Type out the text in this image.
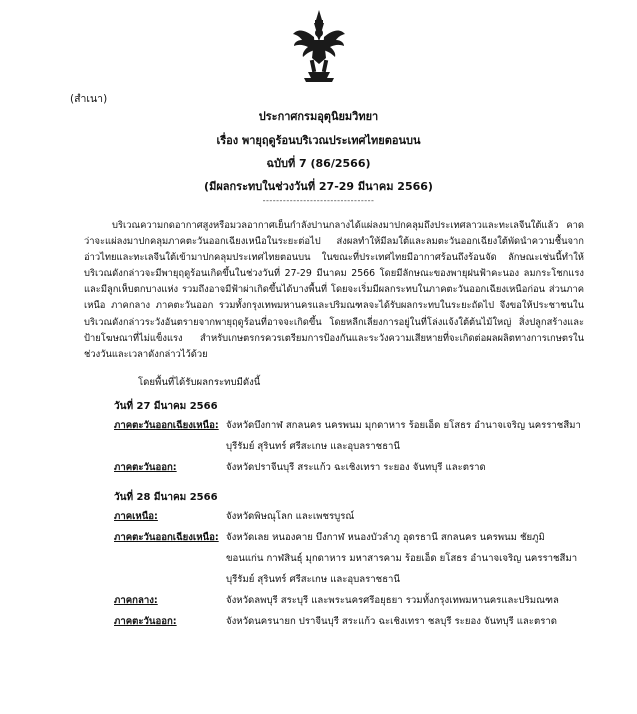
(สำเนา)
ประกาศกรมอุตุนิยมวิทยา
เรื่อง พายุฤดูร้อนบริเวณประเทศไทยตอนบน
ฉบับที่ 7 (86/2566)
(มีผลกระทบในช่วงวันที่ 27-29 มีนาคม 2566)
---------------------------------
บริเวณความกดอากาศสูงหรือมวลอากาศเย็นกำลังปานกลางได้แผ่ลงมาปกคลุมถึงประเทศลาวและทะเลจีนใต้แล้ว คาดว่าจะแผ่ลงมาปกคลุมภาคตะวันออกเฉียงเหนือในระยะต่อไป ส่งผลทำให้มีลมใต้และลมตะวันออกเฉียงใต้พัดนำความชื้นจากอ่าวไทยและทะเลจีนใต้เข้ามาปกคลุมประเทศไทยตอนบน ในขณะที่ประเทศไทยมีอากาศร้อนถึงร้อนจัด ลักษณะเช่นนี้ทำให้บริเวณดังกล่าวจะมีพายุฤดูร้อนเกิดขึ้นในช่วงวันที่ 27-29 มีนาคม 2566 โดยมีลักษณะของพายุฝนฟ้าคะนอง ลมกระโชกแรง และมีลูกเห็บตกบางแห่ง รวมถึงอาจมีฟ้าผ่าเกิดขึ้นได้บางพื้นที่ โดยจะเริ่มมีผลกระทบในภาคตะวันออกเฉียงเหนือก่อน ส่วนภาคเหนือ ภาคกลาง ภาคตะวันออก รวมทั้งกรุงเทพมหานครและปริมณฑลจะได้รับผลกระทบในระยะถัดไป จึงขอให้ประชาชนในบริเวณดังกล่าวระวังอันตรายจากพายุฤดูร้อนที่อาจจะเกิดขึ้น โดยหลีกเลี่ยงการอยู่ในที่โล่งแจ้งใต้ต้นไม้ใหญ่ สิ่งปลูกสร้างและป้ายโฆษณาที่ไม่แข็งแรง สำหรับเกษตรกรควรเตรียมการป้องกันและระวังความเสียหายที่จะเกิดต่อผลผลิตทางการเกษตรในช่วงวันและเวลาดังกล่าวไว้ด้วย
โดยพื้นที่ได้รับผลกระทบมีดังนี้
วันที่ 27 มีนาคม 2566
ภาคตะวันออกเฉียงเหนือ: จังหวัดบึงกาฬ สกลนคร นครพนม มุกดาหาร ร้อยเอ็ด ยโสธร อำนาจเจริญ นครราชสีมา
บุรีรัมย์ สุรินทร์ ศรีสะเกษ และอุบลราชธานี
ภาคตะวันออก:	จังหวัดปราจีนบุรี สระแก้ว ฉะเชิงเทรา ระยอง จันทบุรี และตราด
วันที่ 28 มีนาคม 2566
ภาคเหนือ:	จังหวัดพิษณุโลก และเพชรบูรณ์
ภาคตะวันออกเฉียงเหนือ: จังหวัดเลย หนองคาย บึงกาฬ หนองบัวลำภู อุดรธานี สกลนคร นครพนม ชัยภูมิ
ขอนแก่น กาฬสินธุ์ มุกดาหาร มหาสารคาม ร้อยเอ็ด ยโสธร อำนาจเจริญ นครราชสีมา
บุรีรัมย์ สุรินทร์ ศรีสะเกษ และอุบลราชธานี
ภาคกลาง:	จังหวัดลพบุรี สระบุรี และพระนครศรีอยุธยา รวมทั้งกรุงเทพมหานครและปริมณฑล
ภาคตะวันออก:	จังหวัดนครนายก ปราจีนบุรี สระแก้ว ฉะเชิงเทรา ชลบุรี ระยอง จันทบุรี และตราด
